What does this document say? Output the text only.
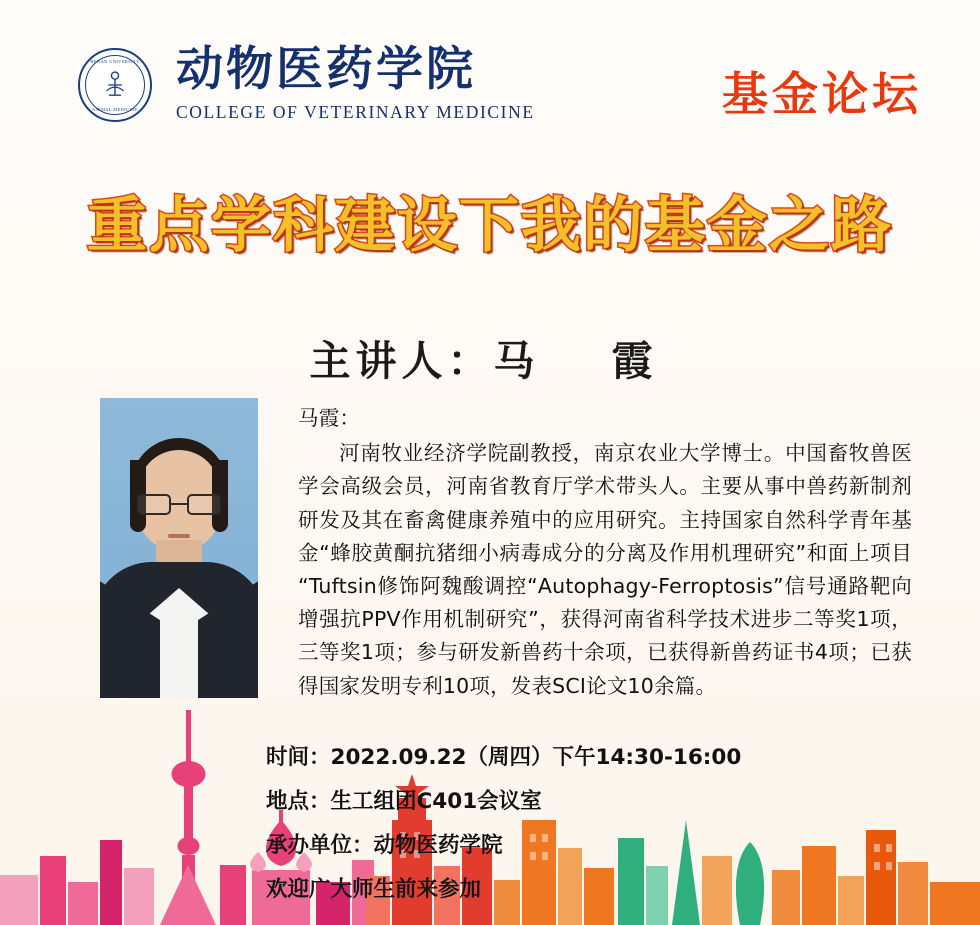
HENAN UNIVERSITY
ANIMAL MEDICINE
动物医药学院
COLLEGE OF VETERINARY MEDICINE	基金论坛
重点学科建设下我的基金之路
主讲人：马　霞
马霞：
河南牧业经济学院副教授，南京农业大学博士。中国畜牧兽医学会高级会员，河南省教育厅学术带头人。主要从事中兽药新制剂研发及其在畜禽健康养殖中的应用研究。主持国家自然科学青年基金“蜂胶黄酮抗猪细小病毒成分的分离及作用机理研究”和面上项目“Tuftsin修饰阿魏酸调控“Autophagy-Ferroptosis”信号通路靶向增强抗PPV作用机制研究”，获得河南省科学技术进步二等奖1项，三等奖1项；参与研发新兽药十余项，已获得新兽药证书4项；已获得国家发明专利10项，发表SCI论文10余篇。
时间：2022.09.22（周四）下午14:30-16:00
地点：生工组团C401会议室
承办单位：动物医药学院
欢迎广大师生前来参加
